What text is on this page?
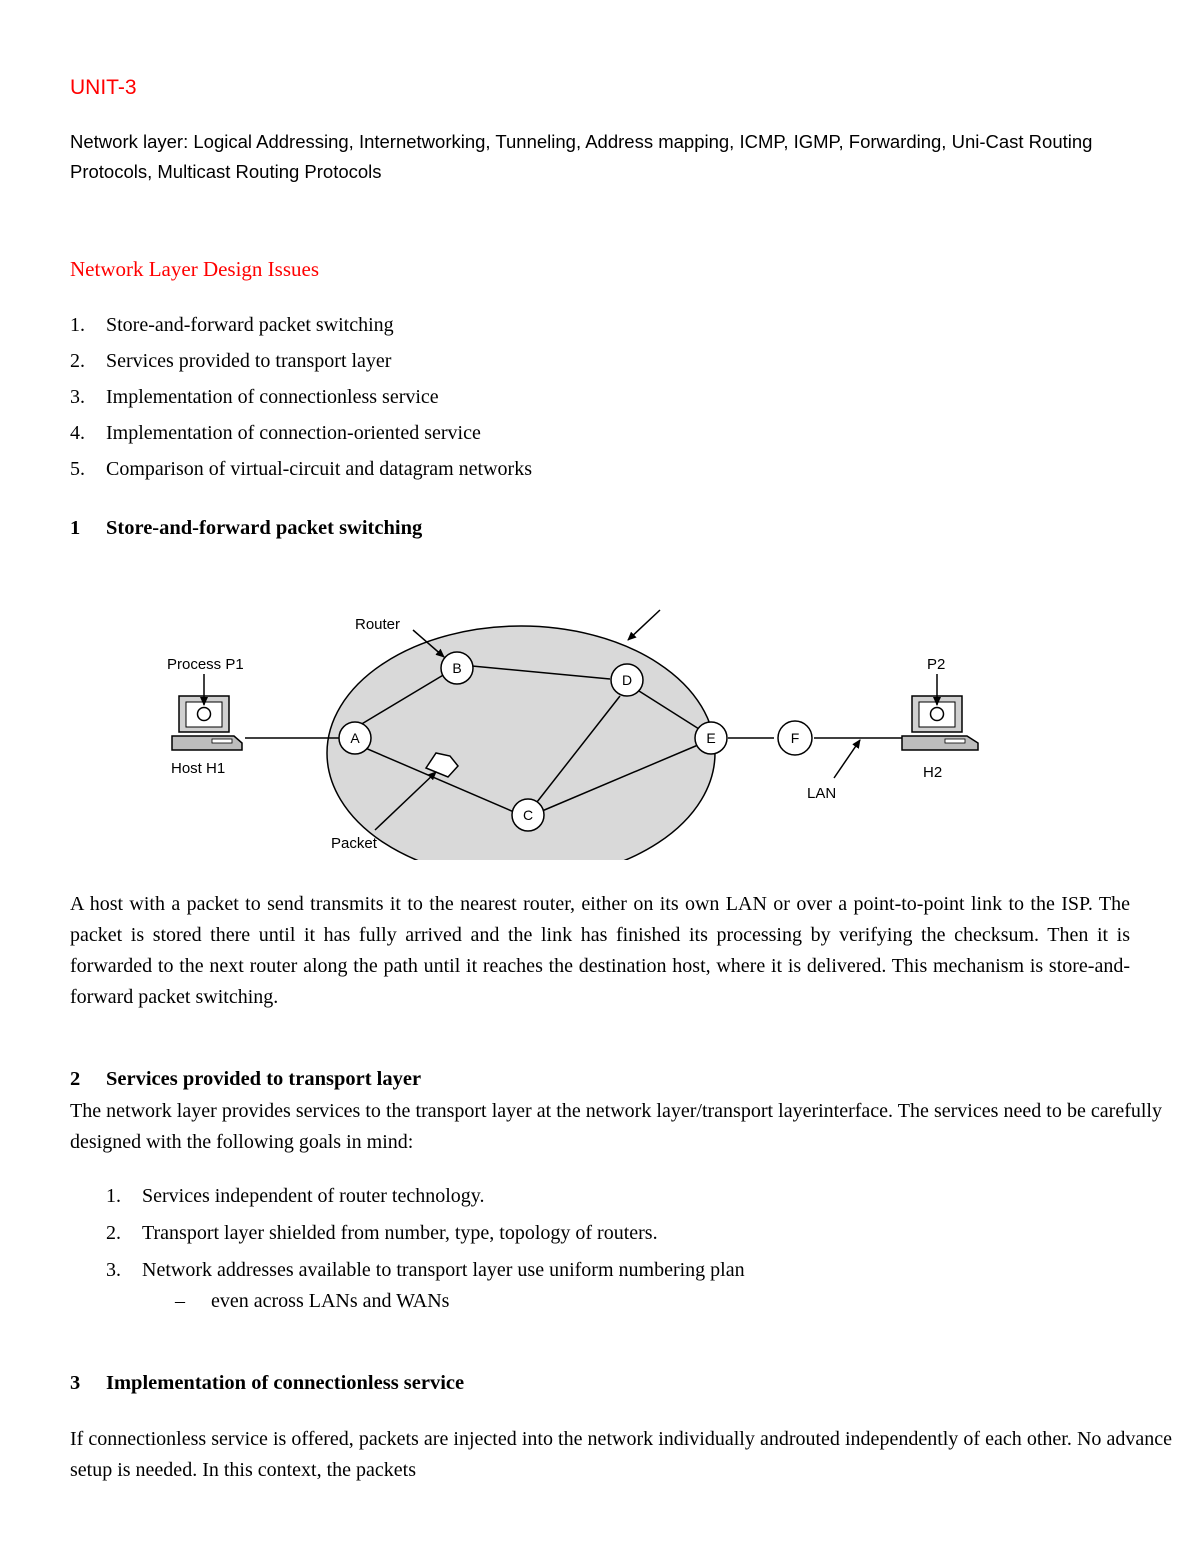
UNIT-3
Network layer: Logical Addressing, Internetworking, Tunneling, Address mapping, ICMP, IGMP, Forwarding, Uni-Cast Routing Protocols, Multicast Routing Protocols
Network Layer Design Issues
1. Store-and-forward packet switching
2. Services provided to transport layer
3. Implementation of connectionless service
4. Implementation of connection-oriented service
5. Comparison of virtual-circuit and datagram networks
1 Store-and-forward packet switching
A
B
C
D
E	F
Router
Process P1
Host H1
P2
H2
LAN
Packet
A host with a packet to send transmits it to the nearest router, either on its own LAN or over a point-to-point link to the ISP. The packet is stored there until it has fully arrived and the link has finished its processing by verifying the checksum. Then it is forwarded to the next router along the path until it reaches the destination host, where it is delivered. This mechanism is store-and-forward packet switching.
2 Services provided to transport layer
The network layer provides services to the transport layer at the network layer/transport layerinterface. The services need to be carefully designed with the following goals in mind:
1. Services independent of router technology.
2. Transport layer shielded from number, type, topology of routers.
3. Network addresses available to transport layer use uniform numbering plan
– even across LANs and WANs
3 Implementation of connectionless service
If connectionless service is offered, packets are injected into the network individually androuted independently of each other. No advance setup is needed. In this context, the packets
